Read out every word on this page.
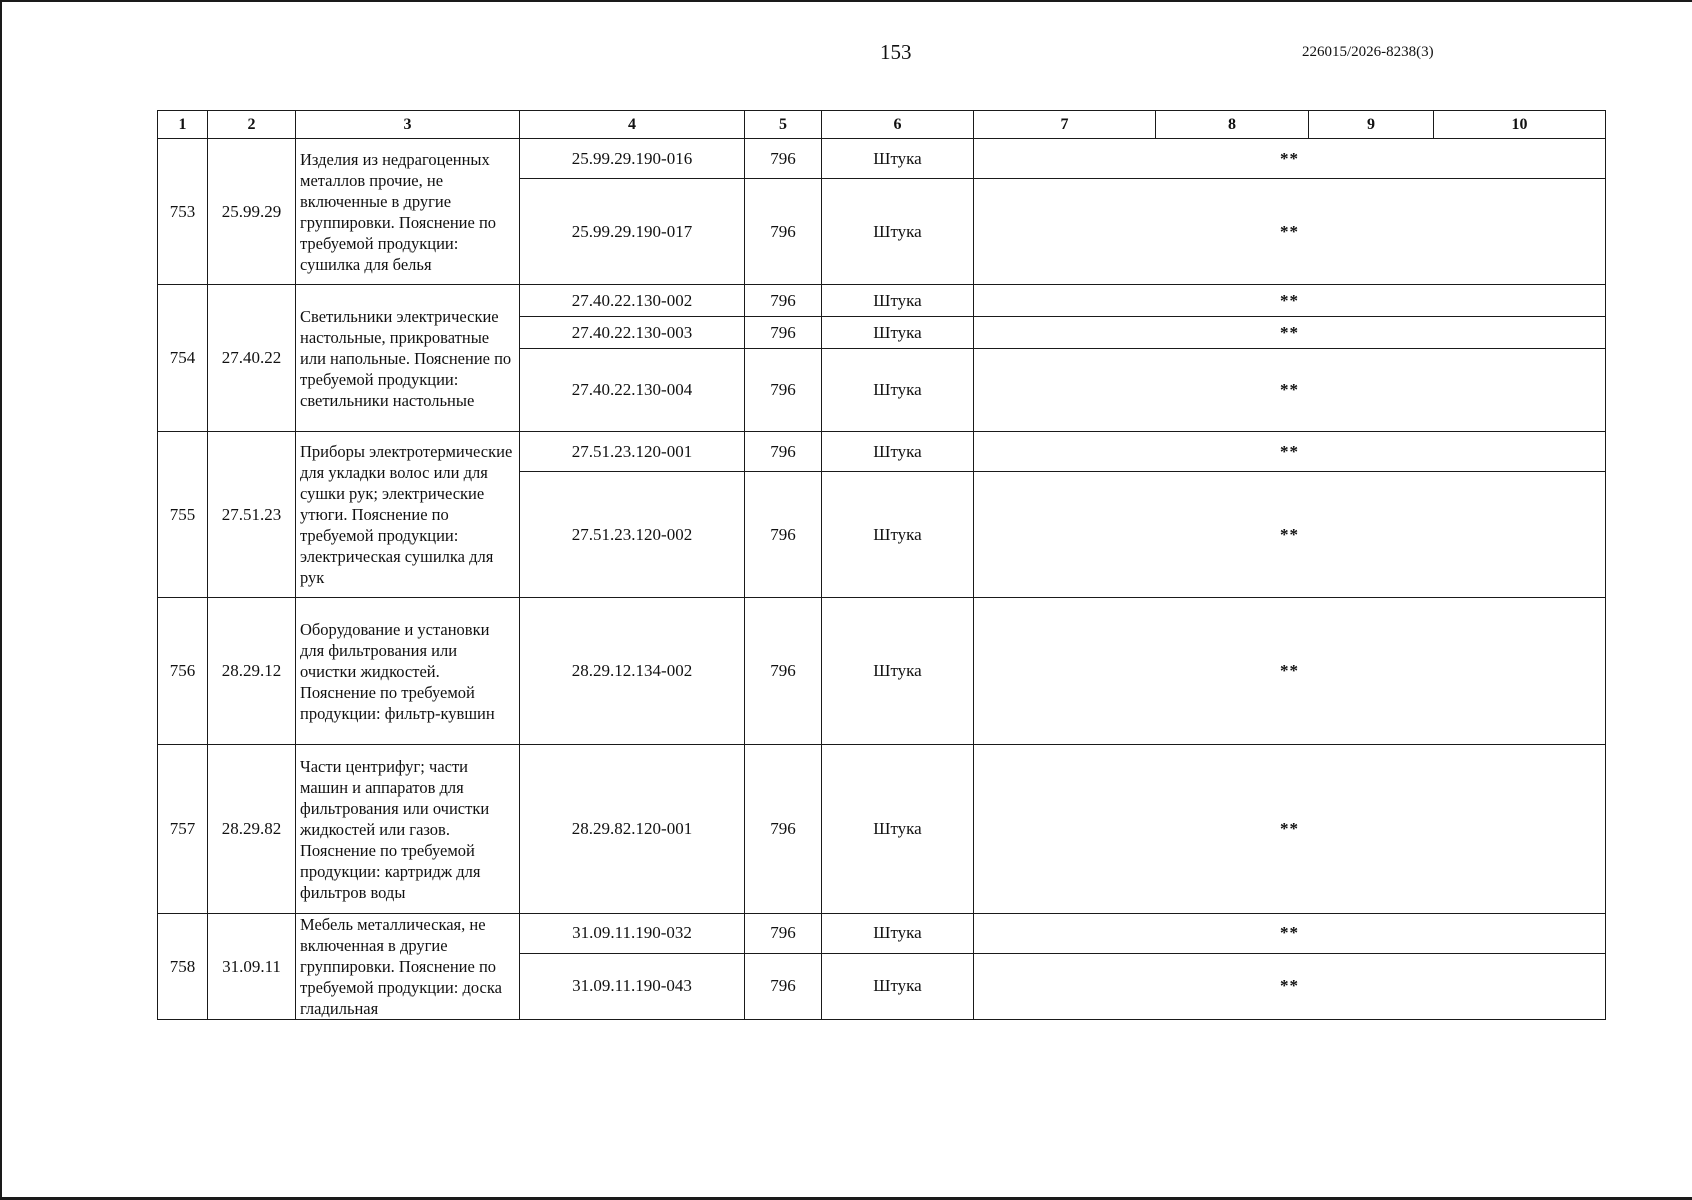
153	226015/2026-8238(3)
1	2	3	4	5	6	7	8	9	10
753	25.99.29	Изделия из недрагоценных металлов прочие, не включенные в другие группировки. Пояснение по требуемой продукции: сушилка для белья	25.99.29.190-016	796	Штука	**			
			25.99.29.190-017	796	Штука	**			
754	27.40.22	Светильники электрические настольные, прикроватные или напольные. Пояснение по требуемой продукции: светильники настольные	27.40.22.130-002	796	Штука	**			
			27.40.22.130-003	796	Штука	**			
			27.40.22.130-004	796	Штука	**			
755	27.51.23	Приборы электротермические для укладки волос или для сушки рук; электрические утюги. Пояснение по требуемой продукции: электрическая сушилка для рук	27.51.23.120-001	796	Штука	**			
			27.51.23.120-002	796	Штука	**			
756	28.29.12	Оборудование и установки для фильтрования или очистки жидкостей. Пояснение по требуемой продукции: фильтр-кувшин	28.29.12.134-002	796	Штука	**			
757	28.29.82	Части центрифуг; части машин и аппаратов для фильтрования или очистки жидкостей или газов. Пояснение по требуемой продукции: картридж для фильтров воды	28.29.82.120-001	796	Штука	**			
758	31.09.11	Мебель металлическая, не включенная в другие группировки. Пояснение по требуемой продукции: доска гладильная	31.09.11.190-032	796	Штука	**			
			31.09.11.190-043	796	Штука	**			
